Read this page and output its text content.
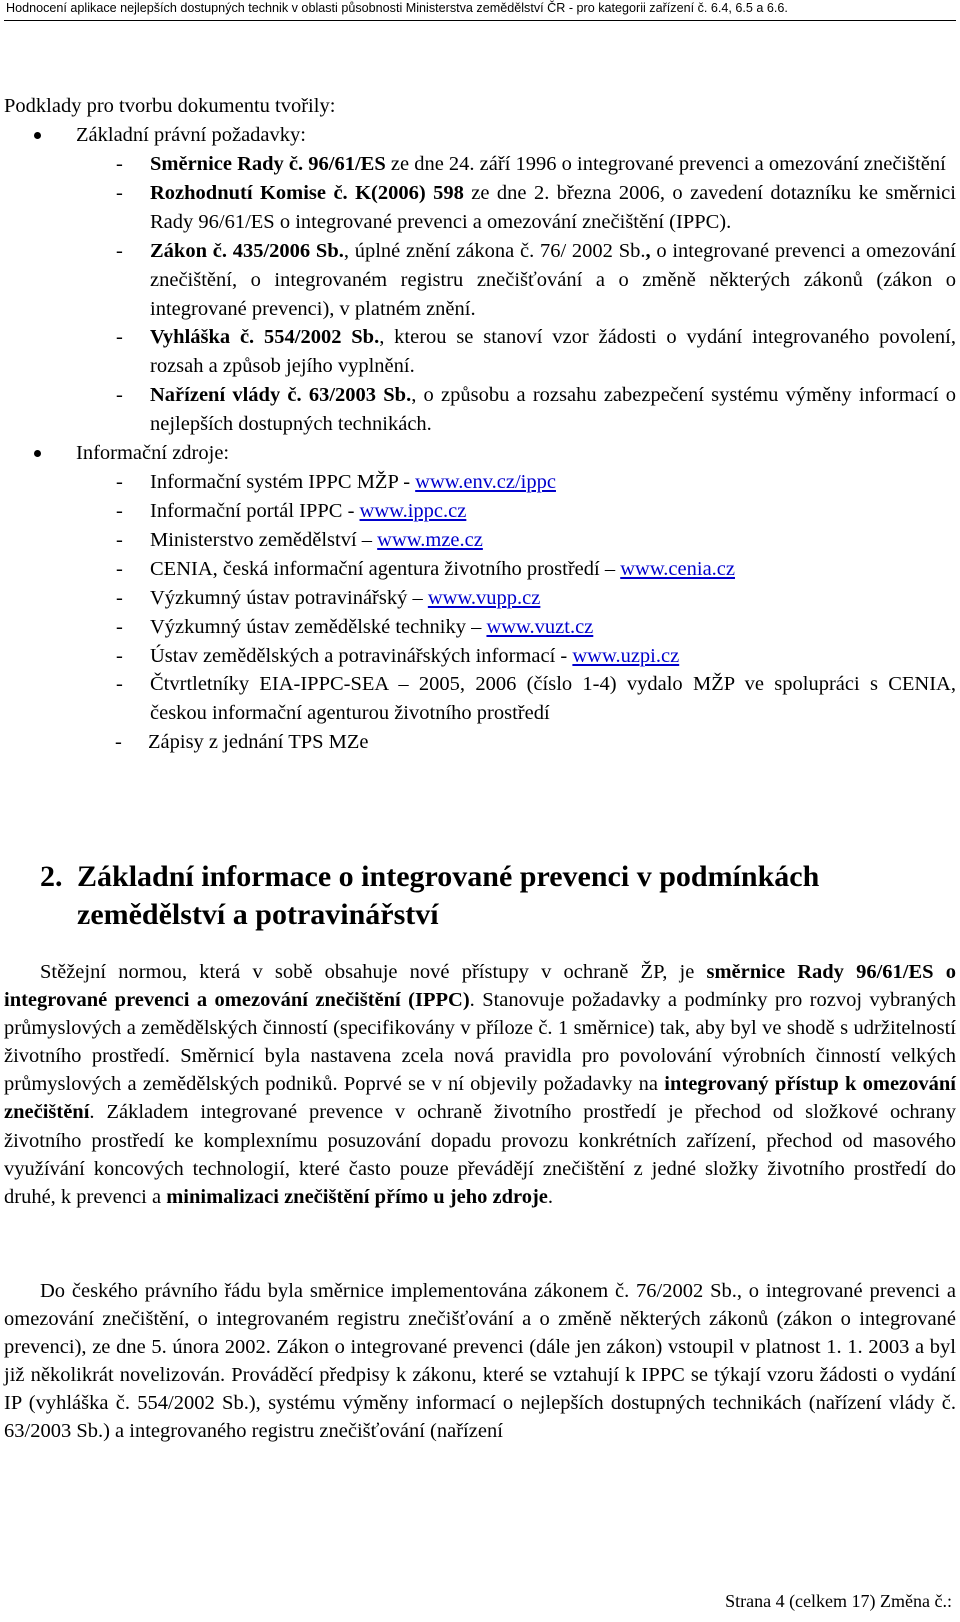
Hodnocení aplikace nejlepších dostupných technik v oblasti působnosti Ministerstva zemědělství ČR - pro kategorii zařízení č. 6.4, 6.5 a 6.6.

Podklady pro tvorbu dokumentu tvořily:

Základní právní požadavky:
- Směrnice Rady č. 96/61/ES ze dne 24. září 1996 o integrované prevenci a omezování znečištění
- Rozhodnutí Komise č. K(2006) 598 ze dne 2. března 2006, o zavedení dotazníku ke směrnici Rady 96/61/ES o integrované prevenci a omezování znečištění (IPPC).
- Zákon č. 435/2006 Sb., úplné znění zákona č. 76/ 2002 Sb., o integrované prevenci a omezování znečištění, o integrovaném registru znečišťování a o změně některých zákonů (zákon o integrované prevenci), v platném znění.
- Vyhláška č. 554/2002 Sb., kterou se stanoví vzor žádosti o vydání integrovaného povolení, rozsah a způsob jejího vyplnění.
- Nařízení vlády č. 63/2003 Sb., o způsobu a rozsahu zabezpečení systému výměny informací o nejlepších dostupných technikách.
Informační zdroje:
- Informační systém IPPC MŽP - www.env.cz/ippc
- Informační portál IPPC - www.ippc.cz
- Ministerstvo zemědělství – www.mze.cz
- CENIA, česká informační agentura životního prostředí – www.cenia.cz
- Výzkumný ústav potravinářský – www.vupp.cz
- Výzkumný ústav zemědělské techniky – www.vuzt.cz
- Ústav zemědělských a potravinářských informací - www.uzpi.cz
- Čtvrtletníky EIA-IPPC-SEA – 2005, 2006 (číslo 1-4) vydalo MŽP ve spolupráci s CENIA, českou informační agenturou životního prostředí
- Zápisy z jednání TPS MZe
2. Základní informace o integrované prevenci v podmínkách
zemědělství a potravinářství

Stěžejní normou, která v sobě obsahuje nové přístupy v ochraně ŽP, je směrnice Rady 96/61/ES o integrované prevenci a omezování znečištění (IPPC). Stanovuje požadavky a podmínky pro rozvoj vybraných průmyslových a zemědělských činností (specifikovány v příloze č. 1 směrnice) tak, aby byl ve shodě s udržitelností životního prostředí. Směrnicí byla nastavena zcela nová pravidla pro povolování výrobních činností velkých průmyslových a zemědělských podniků. Poprvé se v ní objevily požadavky na integrovaný přístup k omezování znečištění. Základem integrované prevence v ochraně životního prostředí je přechod od složkové ochrany životního prostředí ke komplexnímu posuzování dopadu provozu konkrétních zařízení, přechod od masového využívání koncových technologií, které často pouze převádějí znečištění z jedné složky životního prostředí do druhé, k prevenci a minimalizaci znečištění přímo u jeho zdroje.

Do českého právního řádu byla směrnice implementována zákonem č. 76/2002 Sb., o integrované prevenci a omezování znečištění, o integrovaném registru znečišťování a o změně některých zákonů (zákon o integrované prevenci), ze dne 5. února 2002. Zákon o integrované prevenci (dále jen zákon) vstoupil v platnost 1. 1. 2003 a byl již několikrát novelizován. Prováděcí předpisy k zákonu, které se vztahují k IPPC se týkají vzoru žádosti o vydání IP (vyhláška č. 554/2002 Sb.), systému výměny informací o nejlepších dostupných technikách (nařízení vlády č. 63/2003 Sb.) a integrovaného registru znečišťování (nařízení

Strana 4 (celkem 17) Změna č.:
